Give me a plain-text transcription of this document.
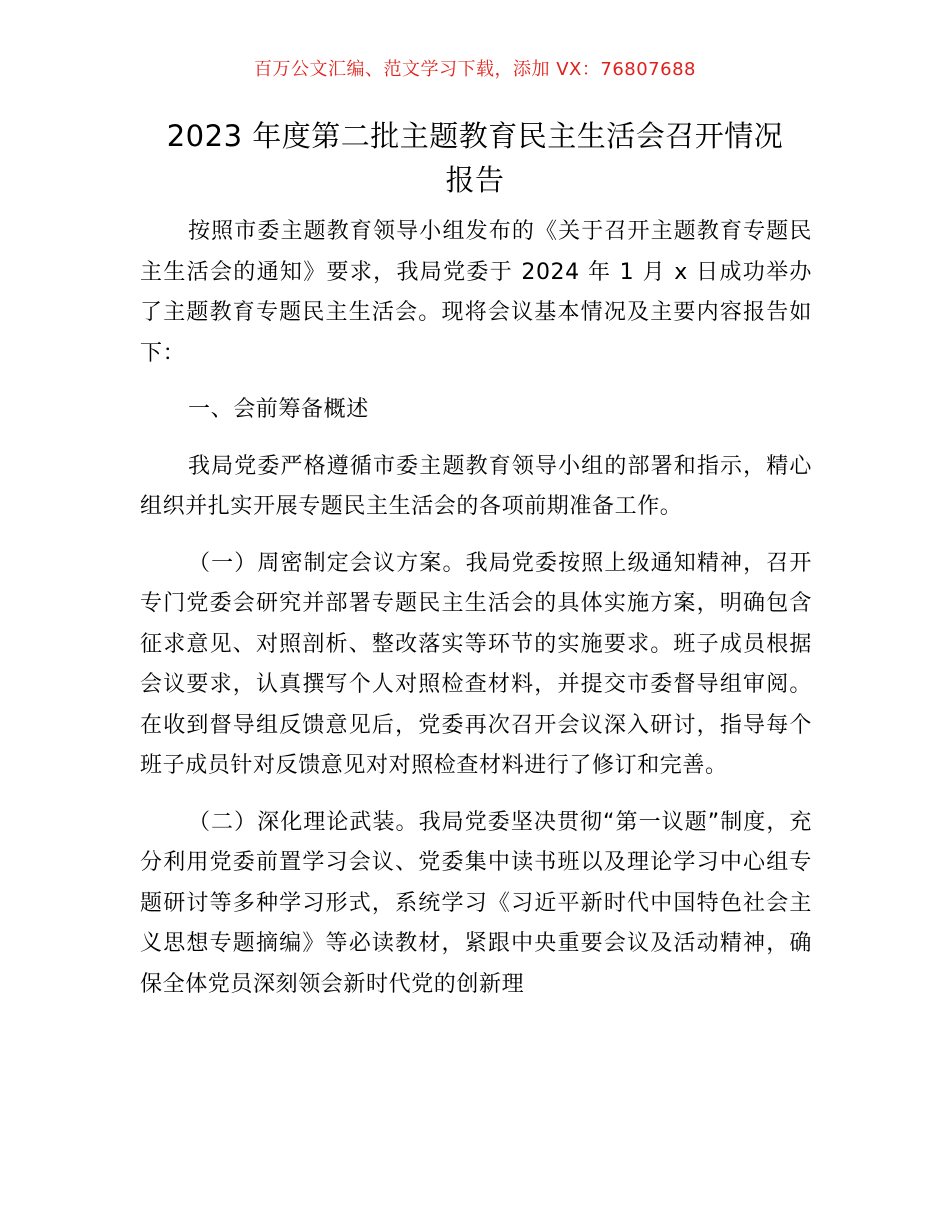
百万公文汇编、范文学习下载，添加 VX：76807688
2023 年度第二批主题教育民主生活会召开情况
报告

按照市委主题教育领导小组发布的《关于召开主题教育专题民主生活会的通知》要求，我局党委于 2024 年 1 月 x 日成功举办了主题教育专题民主生活会。现将会议基本情况及主要内容报告如下：

一、会前筹备概述

我局党委严格遵循市委主题教育领导小组的部署和指示，精心组织并扎实开展专题民主生活会的各项前期准备工作。

（一）周密制定会议方案。我局党委按照上级通知精神，召开专门党委会研究并部署专题民主生活会的具体实施方案，明确包含征求意见、对照剖析、整改落实等环节的实施要求。班子成员根据会议要求，认真撰写个人对照检查材料，并提交市委督导组审阅。在收到督导组反馈意见后，党委再次召开会议深入研讨，指导每个班子成员针对反馈意见对对照检查材料进行了修订和完善。

（二）深化理论武装。我局党委坚决贯彻“第一议题”制度，充分利用党委前置学习会议、党委集中读书班以及理论学习中心组专题研讨等多种学习形式，系统学习《习近平新时代中国特色社会主义思想专题摘编》等必读教材，紧跟中央重要会议及活动精神，确保全体党员深刻领会新时代党的创新理
